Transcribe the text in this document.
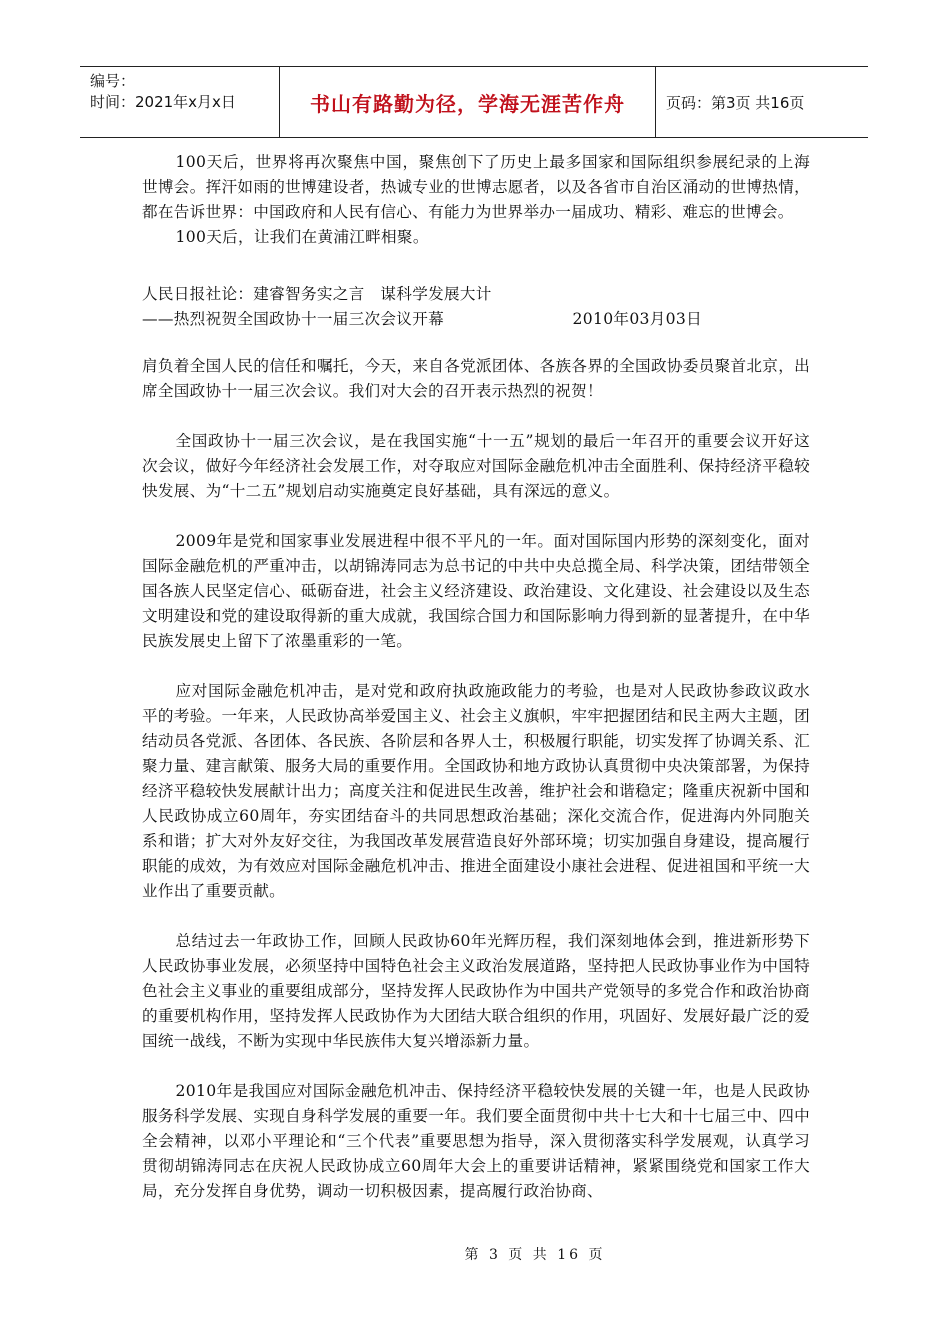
编号：
时间：2021年x月x日	书山有路勤为径，学海无涯苦作舟	页码：第3页 共16页

100天后，世界将再次聚焦中国，聚焦创下了历史上最多国家和国际组织参展纪录的上海世博会。挥汗如雨的世博建设者，热诚专业的世博志愿者，以及各省市自治区涌动的世博热情，都在告诉世界：中国政府和人民有信心、有能力为世界举办一届成功、精彩、难忘的世博会。

100天后，让我们在黄浦江畔相聚。

人民日报社论：建睿智务实之言　谋科学发展大计

——热烈祝贺全国政协十一届三次会议开幕	2010年03月03日

肩负着全国人民的信任和嘱托，今天，来自各党派团体、各族各界的全国政协委员聚首北京，出席全国政协十一届三次会议。我们对大会的召开表示热烈的祝贺！

全国政协十一届三次会议，是在我国实施“十一五”规划的最后一年召开的重要会议开好这次会议，做好今年经济社会发展工作，对夺取应对国际金融危机冲击全面胜利、保持经济平稳较快发展、为“十二五”规划启动实施奠定良好基础，具有深远的意义。

2009年是党和国家事业发展进程中很不平凡的一年。面对国际国内形势的深刻变化，面对国际金融危机的严重冲击，以胡锦涛同志为总书记的中共中央总揽全局、科学决策，团结带领全国各族人民坚定信心、砥砺奋进，社会主义经济建设、政治建设、文化建设、社会建设以及生态文明建设和党的建设取得新的重大成就，我国综合国力和国际影响力得到新的显著提升，在中华民族发展史上留下了浓墨重彩的一笔。

应对国际金融危机冲击，是对党和政府执政施政能力的考验，也是对人民政协参政议政水平的考验。一年来，人民政协高举爱国主义、社会主义旗帜，牢牢把握团结和民主两大主题，团结动员各党派、各团体、各民族、各阶层和各界人士，积极履行职能，切实发挥了协调关系、汇聚力量、建言献策、服务大局的重要作用。全国政协和地方政协认真贯彻中央决策部署，为保持经济平稳较快发展献计出力；高度关注和促进民生改善，维护社会和谐稳定；隆重庆祝新中国和人民政协成立60周年，夯实团结奋斗的共同思想政治基础；深化交流合作，促进海内外同胞关系和谐；扩大对外友好交往，为我国改革发展营造良好外部环境；切实加强自身建设，提高履行职能的成效，为有效应对国际金融危机冲击、推进全面建设小康社会进程、促进祖国和平统一大业作出了重要贡献。

总结过去一年政协工作，回顾人民政协60年光辉历程，我们深刻地体会到，推进新形势下人民政协事业发展，必须坚持中国特色社会主义政治发展道路，坚持把人民政协事业作为中国特色社会主义事业的重要组成部分，坚持发挥人民政协作为中国共产党领导的多党合作和政治协商的重要机构作用，坚持发挥人民政协作为大团结大联合组织的作用，巩固好、发展好最广泛的爱国统一战线，不断为实现中华民族伟大复兴增添新力量。

2010年是我国应对国际金融危机冲击、保持经济平稳较快发展的关键一年，也是人民政协服务科学发展、实现自身科学发展的重要一年。我们要全面贯彻中共十七大和十七届三中、四中全会精神，以邓小平理论和“三个代表”重要思想为指导，深入贯彻落实科学发展观，认真学习贯彻胡锦涛同志在庆祝人民政协成立60周年大会上的重要讲话精神，紧紧围绕党和国家工作大局，充分发挥自身优势，调动一切积极因素，提高履行政治协商、

第 3 页 共 16 页
